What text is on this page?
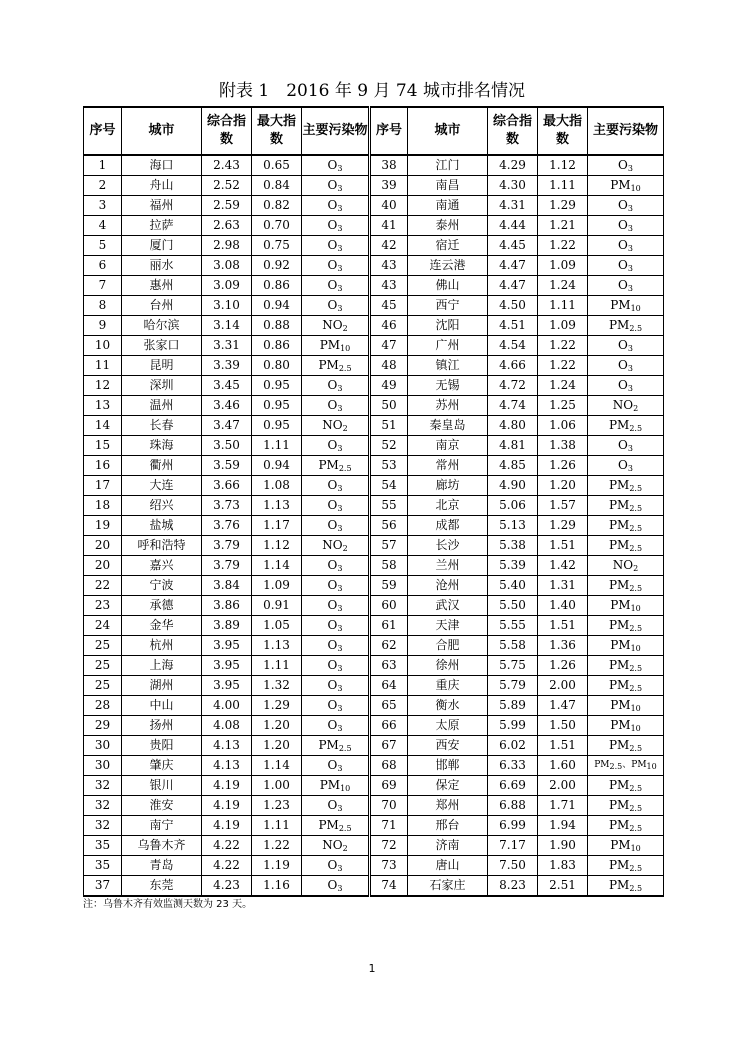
附表 1　2016 年 9 月 74 城市排名情况
序号	城市	综合指数	最大指数	主要污染物	序号	城市	综合指数	最大指数	主要污染物
1	海口	2.43	0.65	$O_3$	38	江门	4.29	1.12	$O_3$
2	舟山	2.52	0.84	$O_3$	39	南昌	4.30	1.11	$PM_{10}$
3	福州	2.59	0.82	$O_3$	40	南通	4.31	1.29	$O_3$
4	拉萨	2.63	0.70	$O_3$	41	泰州	4.44	1.21	$O_3$
5	厦门	2.98	0.75	$O_3$	42	宿迁	4.45	1.22	$O_3$
6	丽水	3.08	0.92	$O_3$	43	连云港	4.47	1.09	$O_3$
7	惠州	3.09	0.86	$O_3$	43	佛山	4.47	1.24	$O_3$
8	台州	3.10	0.94	$O_3$	45	西宁	4.50	1.11	$PM_{10}$
9	哈尔滨	3.14	0.88	$NO_2$	46	沈阳	4.51	1.09	$PM_{2.5}$
10	张家口	3.31	0.86	$PM_{10}$	47	广州	4.54	1.22	$O_3$
11	昆明	3.39	0.80	$PM_{2.5}$	48	镇江	4.66	1.22	$O_3$
12	深圳	3.45	0.95	$O_3$	49	无锡	4.72	1.24	$O_3$
13	温州	3.46	0.95	$O_3$	50	苏州	4.74	1.25	$NO_2$
14	长春	3.47	0.95	$NO_2$	51	秦皇岛	4.80	1.06	$PM_{2.5}$
15	珠海	3.50	1.11	$O_3$	52	南京	4.81	1.38	$O_3$
16	衢州	3.59	0.94	$PM_{2.5}$	53	常州	4.85	1.26	$O_3$
17	大连	3.66	1.08	$O_3$	54	廊坊	4.90	1.20	$PM_{2.5}$
18	绍兴	3.73	1.13	$O_3$	55	北京	5.06	1.57	$PM_{2.5}$
19	盐城	3.76	1.17	$O_3$	56	成都	5.13	1.29	$PM_{2.5}$
20	呼和浩特	3.79	1.12	$NO_2$	57	长沙	5.38	1.51	$PM_{2.5}$
20	嘉兴	3.79	1.14	$O_3$	58	兰州	5.39	1.42	$NO_2$
22	宁波	3.84	1.09	$O_3$	59	沧州	5.40	1.31	$PM_{2.5}$
23	承德	3.86	0.91	$O_3$	60	武汉	5.50	1.40	$PM_{10}$
24	金华	3.89	1.05	$O_3$	61	天津	5.55	1.51	$PM_{2.5}$
25	杭州	3.95	1.13	$O_3$	62	合肥	5.58	1.36	$PM_{10}$
25	上海	3.95	1.11	$O_3$	63	徐州	5.75	1.26	$PM_{2.5}$
25	湖州	3.95	1.32	$O_3$	64	重庆	5.79	2.00	$PM_{2.5}$
28	中山	4.00	1.29	$O_3$	65	衡水	5.89	1.47	$PM_{10}$
29	扬州	4.08	1.20	$O_3$	66	太原	5.99	1.50	$PM_{10}$
30	贵阳	4.13	1.20	$PM_{2.5}$	67	西安	6.02	1.51	$PM_{2.5}$
30	肇庆	4.13	1.14	$O_3$	68	邯郸	6.33	1.60	$PM_{2.5}$、$PM_{10}$
32	银川	4.19	1.00	$PM_{10}$	69	保定	6.69	2.00	$PM_{2.5}$
32	淮安	4.19	1.23	$O_3$	70	郑州	6.88	1.71	$PM_{2.5}$
32	南宁	4.19	1.11	$PM_{2.5}$	71	邢台	6.99	1.94	$PM_{2.5}$
35	乌鲁木齐	4.22	1.22	$NO_2$	72	济南	7.17	1.90	$PM_{10}$
35	青岛	4.22	1.19	$O_3$	73	唐山	7.50	1.83	$PM_{2.5}$
37	东莞	4.23	1.16	$O_3$	74	石家庄	8.23	2.51	$PM_{2.5}$
注：乌鲁木齐有效监测天数为 23 天。
1
